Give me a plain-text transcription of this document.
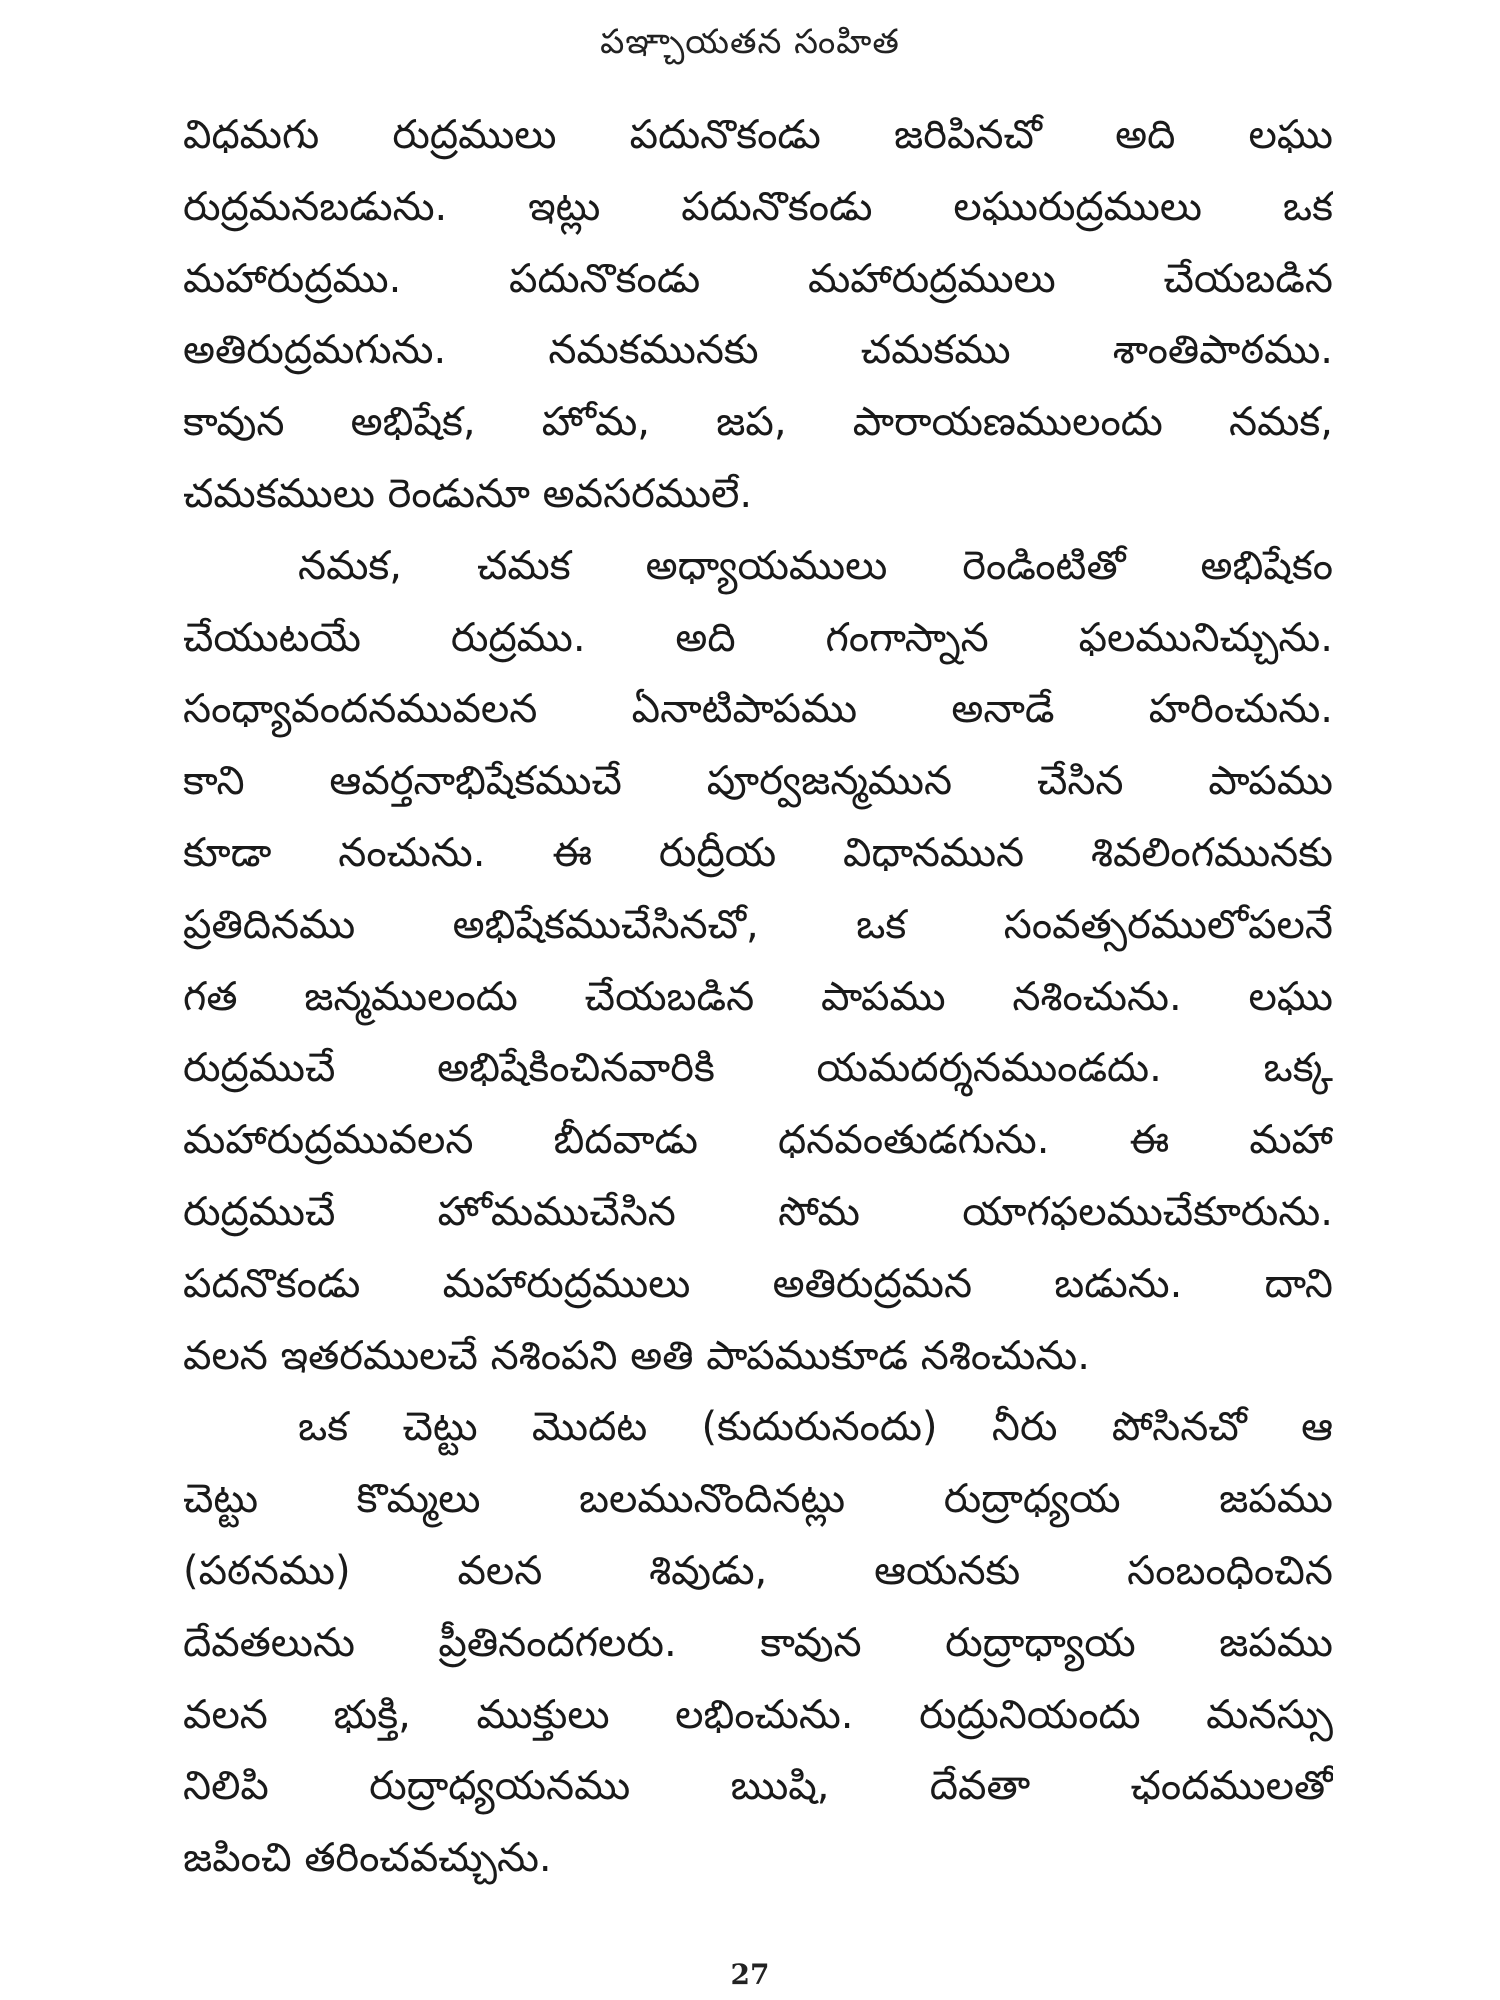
పఞ్చాయతన సంహిత
విధమగు రుద్రములు పదునొకండు జరిపినచో అది లఘు
రుద్రమనబడును. ఇట్లు పదునొకండు లఘురుద్రములు ఒక
మహారుద్రము. పదునొకండు మహారుద్రములు చేయబడిన
అతిరుద్రమగును. నమకమునకు చమకము శాంతిపాఠము.
కావున అభిషేక, హోమ, జప, పారాయణములందు నమక,
చమకములు రెండునూ అవసరములే.
నమక, చమక అధ్యాయములు రెండింటితో అభిషేకం
చేయుటయే రుద్రము. అది గంగాస్నాన ఫలమునిచ్చును.
సంధ్యావందనమువలన ఏనాటిపాపము అనాడే హరించును.
కాని ఆవర్తనాభిషేకముచే పూర్వజన్మమున చేసిన పాపము
కూడా నంచును. ఈ రుద్రీయ విధానమున శివలింగమునకు
ప్రతిదినము అభిషేకముచేసినచో, ఒక సంవత్సరములోపలనే
గత జన్మములందు చేయబడిన పాపము నశించును. లఘు
రుద్రముచే అభిషేకించినవారికి యమదర్శనముండదు. ఒక్క
మహారుద్రమువలన బీదవాడు ధనవంతుడగును. ఈ మహా
రుద్రముచే హోమముచేసిన సోమ యాగఫలముచేకూరును.
పదనొకండు మహారుద్రములు అతిరుద్రమన బడును. దాని
వలన ఇతరములచే నశింపని అతి పాపముకూడ నశించును.
ఒక చెట్టు మొదట (కుదురునందు) నీరు పోసినచో ఆ
చెట్టు కొమ్మలు బలమునొందినట్లు రుద్రాధ్యయ జపము
(పఠనము) వలన శివుడు, ఆయనకు సంబంధించిన
దేవతలును ప్రీతినందగలరు. కావున రుద్రాధ్యాయ జపము
వలన భుక్తి, ముక్తులు లభించును. రుద్రునియందు మనస్సు
నిలిపి రుద్రాధ్యయనము ఋషి, దేవతా ఛందములతో
జపించి తరించవచ్చును.
27
